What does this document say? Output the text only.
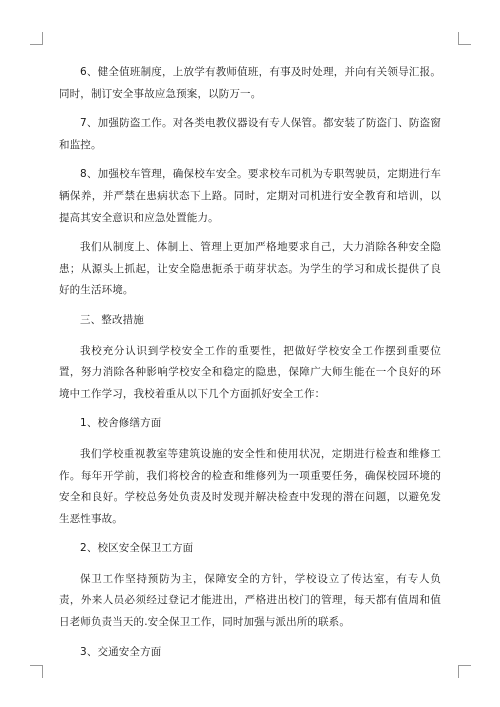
6、健全值班制度，上放学有教师值班，有事及时处理，并向有关领导汇报。同时，制订安全事故应急预案，以防万一。

7、加强防盗工作。对各类电教仪器设有专人保管。都安装了防盗门、防盗窗和监控。

8、加强校车管理，确保校车安全。要求校车司机为专职驾驶员，定期进行车辆保养，并严禁在患病状态下上路。同时，定期对司机进行安全教育和培训，以提高其安全意识和应急处置能力。

我们从制度上、体制上、管理上更加严格地要求自己，大力消除各种安全隐患；从源头上抓起，让安全隐患扼杀于萌芽状态。为学生的学习和成长提供了良好的生活环境。

三、整改措施

我校充分认识到学校安全工作的重要性，把做好学校安全工作摆到重要位置，努力消除各种影响学校安全和稳定的隐患，保障广大师生能在一个良好的环境中工作学习，我校着重从以下几个方面抓好安全工作：

1、校舍修缮方面

我们学校重视教室等建筑设施的安全性和使用状况，定期进行检查和维修工作。每年开学前，我们将校舍的检查和维修列为一项重要任务，确保校园环境的安全和良好。学校总务处负责及时发现并解决检查中发现的潜在问题，以避免发生恶性事故。

2、校区安全保卫工方面

保卫工作坚持预防为主，保障安全的方针，学校设立了传达室，有专人负责，外来人员必须经过登记才能进出，严格进出校门的管理，每天都有值周和值日老师负责当天的.安全保卫工作，同时加强与派出所的联系。

3、交通安全方面
